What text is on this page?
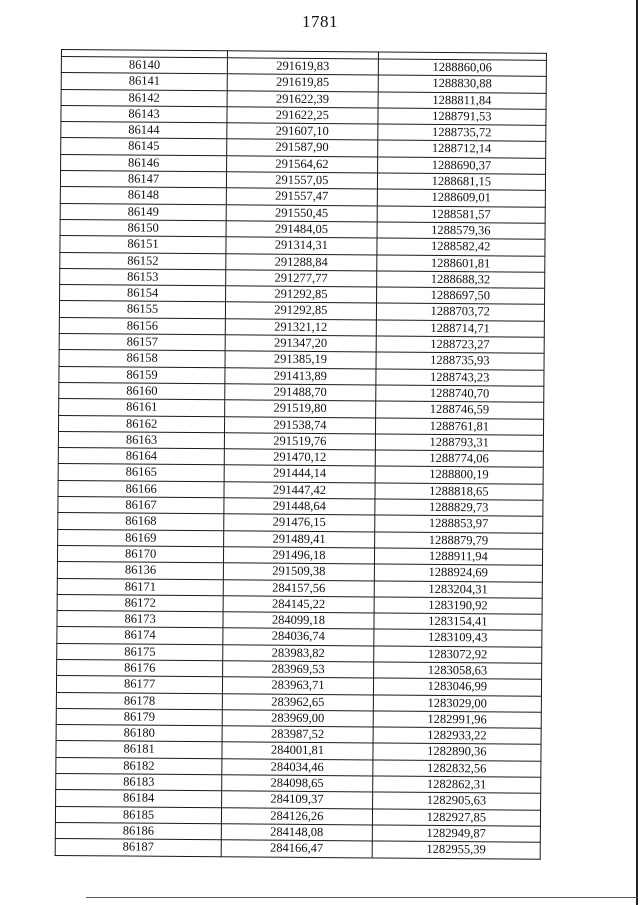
1781

86140	291619,83	1288860,06
86141	291619,85	1288830,88
86142	291622,39	1288811,84
86143	291622,25	1288791,53
86144	291607,10	1288735,72
86145	291587,90	1288712,14
86146	291564,62	1288690,37
86147	291557,05	1288681,15
86148	291557,47	1288609,01
86149	291550,45	1288581,57
86150	291484,05	1288579,36
86151	291314,31	1288582,42
86152	291288,84	1288601,81
86153	291277,77	1288688,32
86154	291292,85	1288697,50
86155	291292,85	1288703,72
86156	291321,12	1288714,71
86157	291347,20	1288723,27
86158	291385,19	1288735,93
86159	291413,89	1288743,23
86160	291488,70	1288740,70
86161	291519,80	1288746,59
86162	291538,74	1288761,81
86163	291519,76	1288793,31
86164	291470,12	1288774,06
86165	291444,14	1288800,19
86166	291447,42	1288818,65
86167	291448,64	1288829,73
86168	291476,15	1288853,97
86169	291489,41	1288879,79
86170	291496,18	1288911,94
86136	291509,38	1288924,69
86171	284157,56	1283204,31
86172	284145,22	1283190,92
86173	284099,18	1283154,41
86174	284036,74	1283109,43
86175	283983,82	1283072,92
86176	283969,53	1283058,63
86177	283963,71	1283046,99
86178	283962,65	1283029,00
86179	283969,00	1282991,96
86180	283987,52	1282933,22
86181	284001,81	1282890,36
86182	284034,46	1282832,56
86183	284098,65	1282862,31
86184	284109,37	1282905,63
86185	284126,26	1282927,85
86186	284148,08	1282949,87
86187	284166,47	1282955,39
